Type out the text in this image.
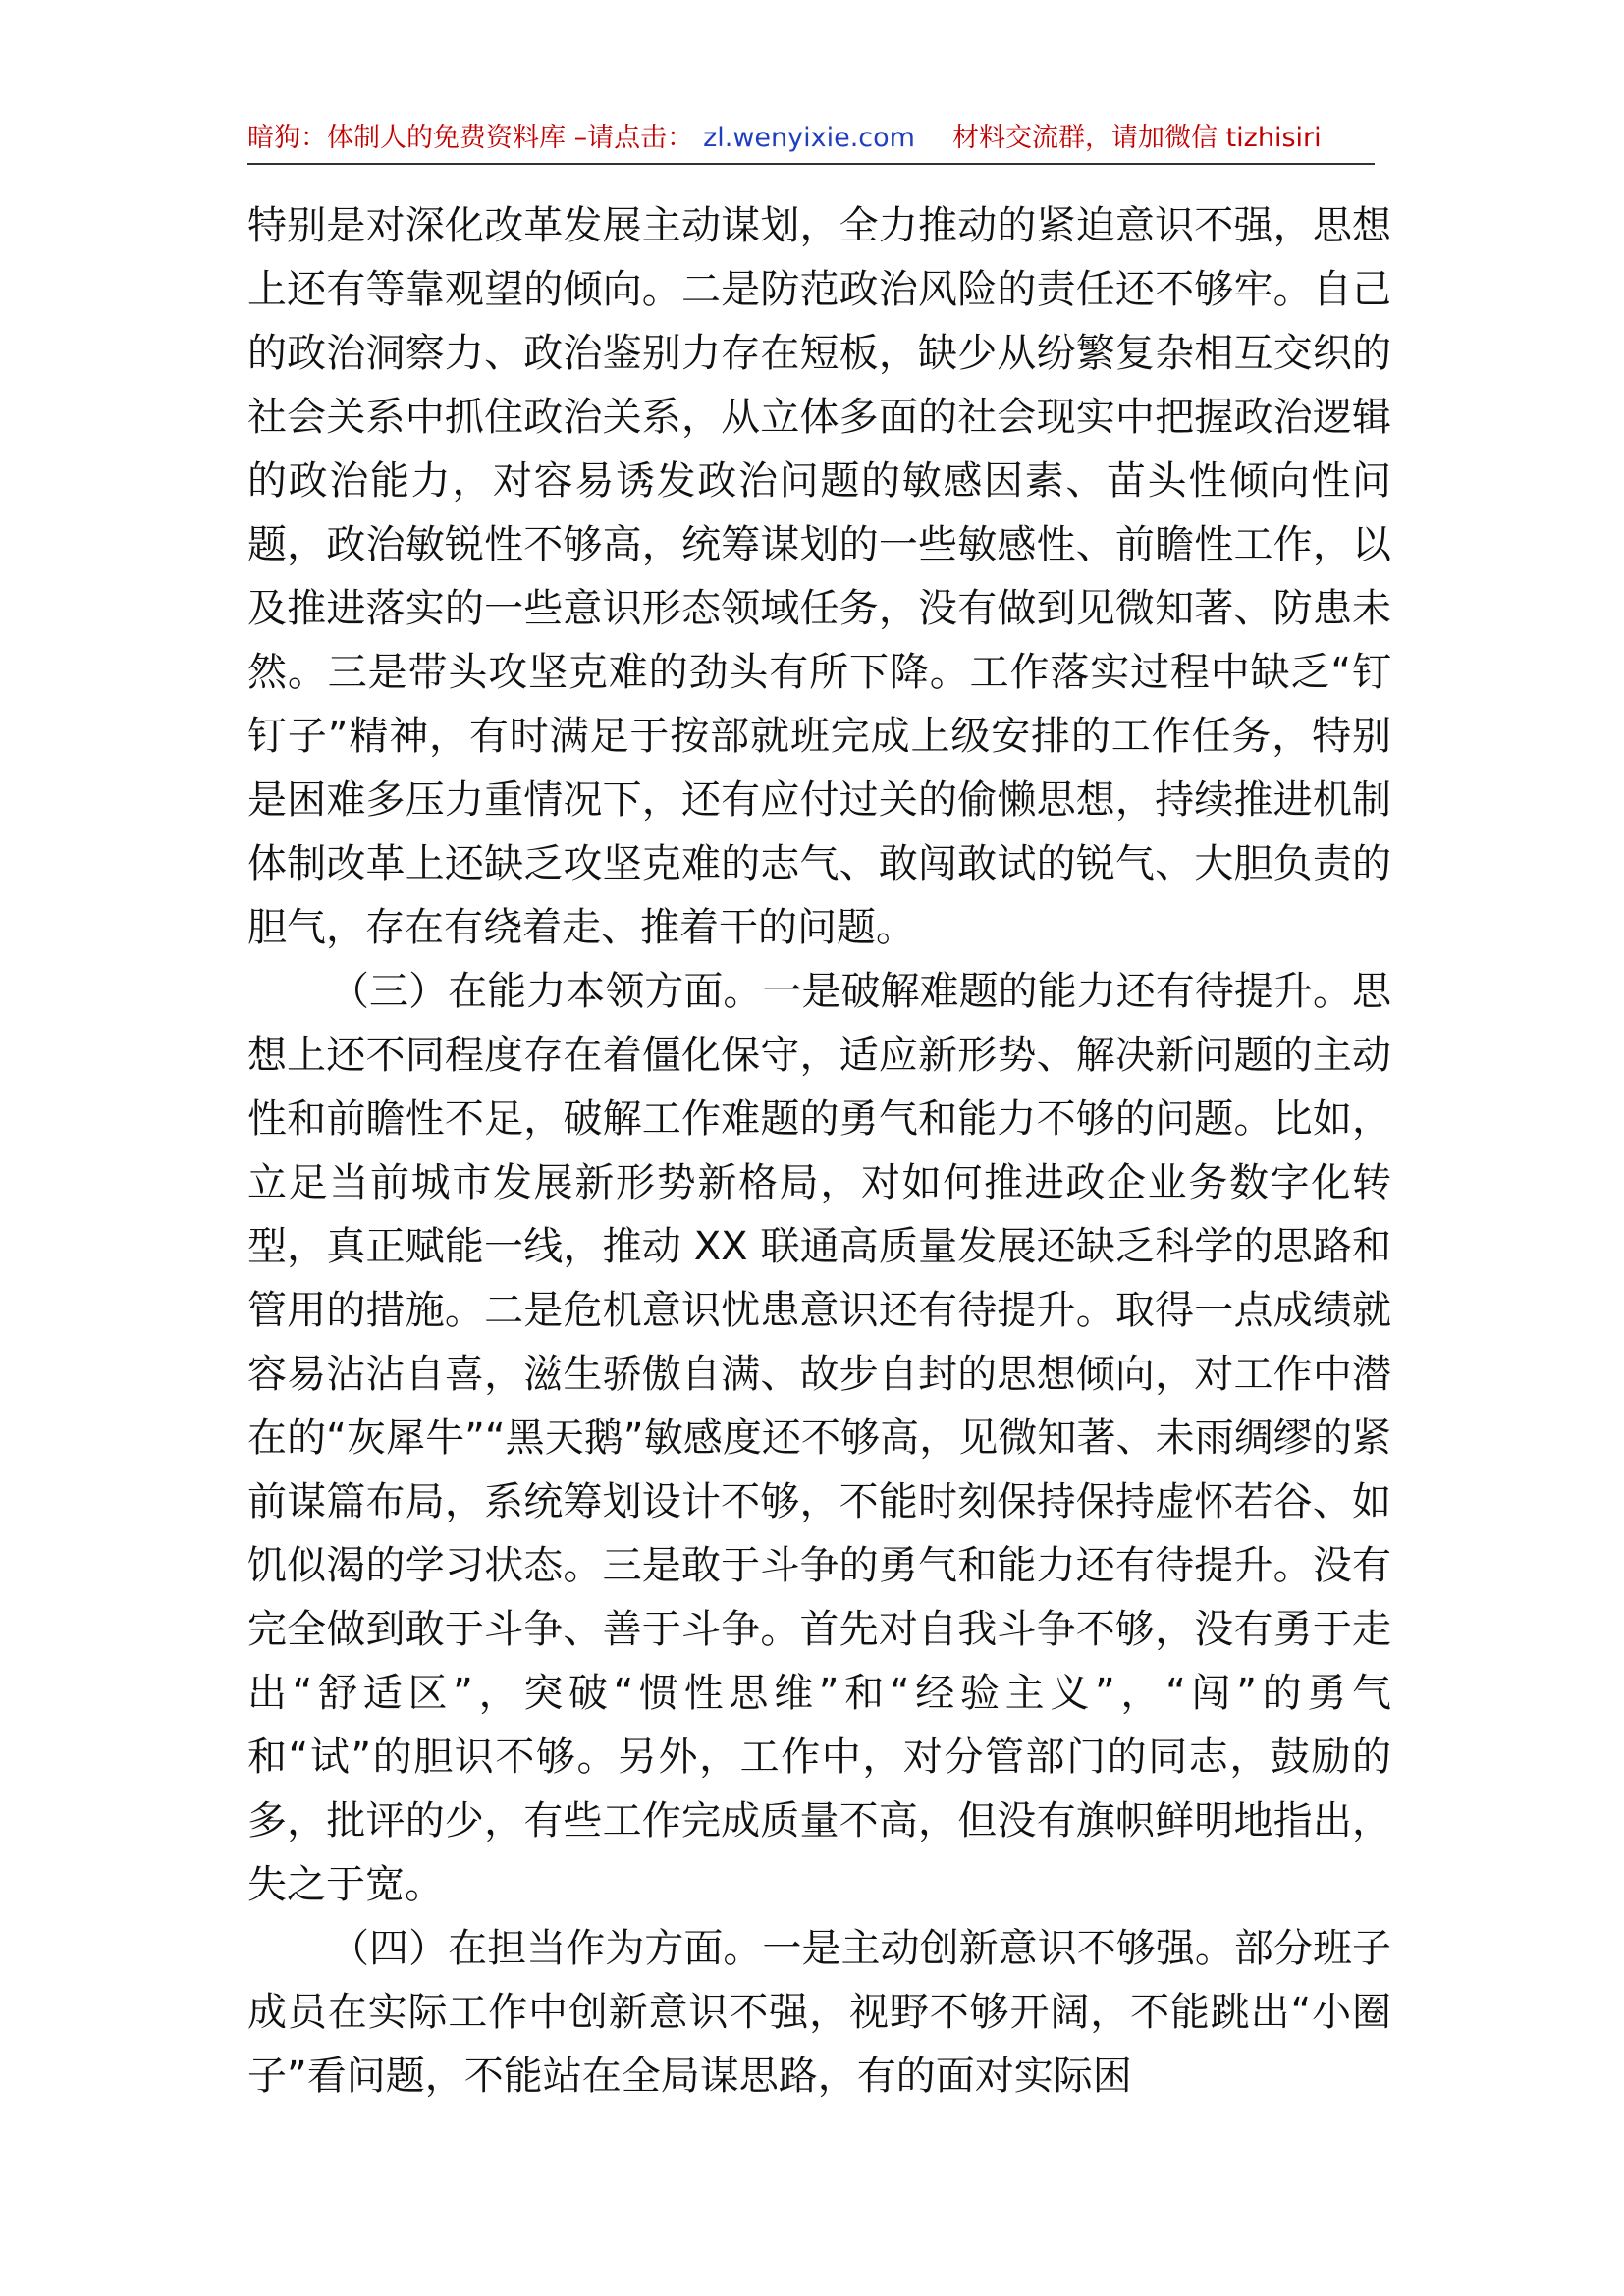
暗狗：体制人的免费资料库 –请点击： zl.wenyixie.com 材料交流群，请加微信 tizhisiri

特别是对深化改革发展主动谋划，全力推动的紧迫意识不强，思想上还有等靠观望的倾向。二是防范政治风险的责任还不够牢。自己的政治洞察力、政治鉴别力存在短板，缺少从纷繁复杂相互交织的社会关系中抓住政治关系，从立体多面的社会现实中把握政治逻辑的政治能力，对容易诱发政治问题的敏感因素、苗头性倾向性问题，政治敏锐性不够高，统筹谋划的一些敏感性、前瞻性工作，以及推进落实的一些意识形态领域任务，没有做到见微知著、防患未然。三是带头攻坚克难的劲头有所下降。工作落实过程中缺乏“钉钉子”精神，有时满足于按部就班完成上级安排的工作任务，特别是困难多压力重情况下，还有应付过关的偷懒思想，持续推进机制体制改革上还缺乏攻坚克难的志气、敢闯敢试的锐气、大胆负责的胆气，存在有绕着走、推着干的问题。

（三）在能力本领方面。一是破解难题的能力还有待提升。思想上还不同程度存在着僵化保守，适应新形势、解决新问题的主动性和前瞻性不足，破解工作难题的勇气和能力不够的问题。比如，立足当前城市发展新形势新格局，对如何推进政企业务数字化转型，真正赋能一线，推动 XX 联通高质量发展还缺乏科学的思路和管用的措施。二是危机意识忧患意识还有待提升。取得一点成绩就容易沾沾自喜，滋生骄傲自满、故步自封的思想倾向，对工作中潜在的“灰犀牛”“黑天鹅”敏感度还不够高，见微知著、未雨绸缪的紧前谋篇布局，系统筹划设计不够，不能时刻保持保持虚怀若谷、如饥似渴的学习状态。三是敢于斗争的勇气和能力还有待提升。没有完全做到敢于斗争、善于斗争。首先对自我斗争不够，没有勇于走出“舒适区”，突破“惯性思维”和“经验主义”，“闯”的勇气和“试”的胆识不够。另外，工作中，对分管部门的同志，鼓励的多，批评的少，有些工作完成质量不高，但没有旗帜鲜明地指出，失之于宽。

（四）在担当作为方面。一是主动创新意识不够强。部分班子成员在实际工作中创新意识不强，视野不够开阔，不能跳出“小圈子”看问题，不能站在全局谋思路，有的面对实际困
